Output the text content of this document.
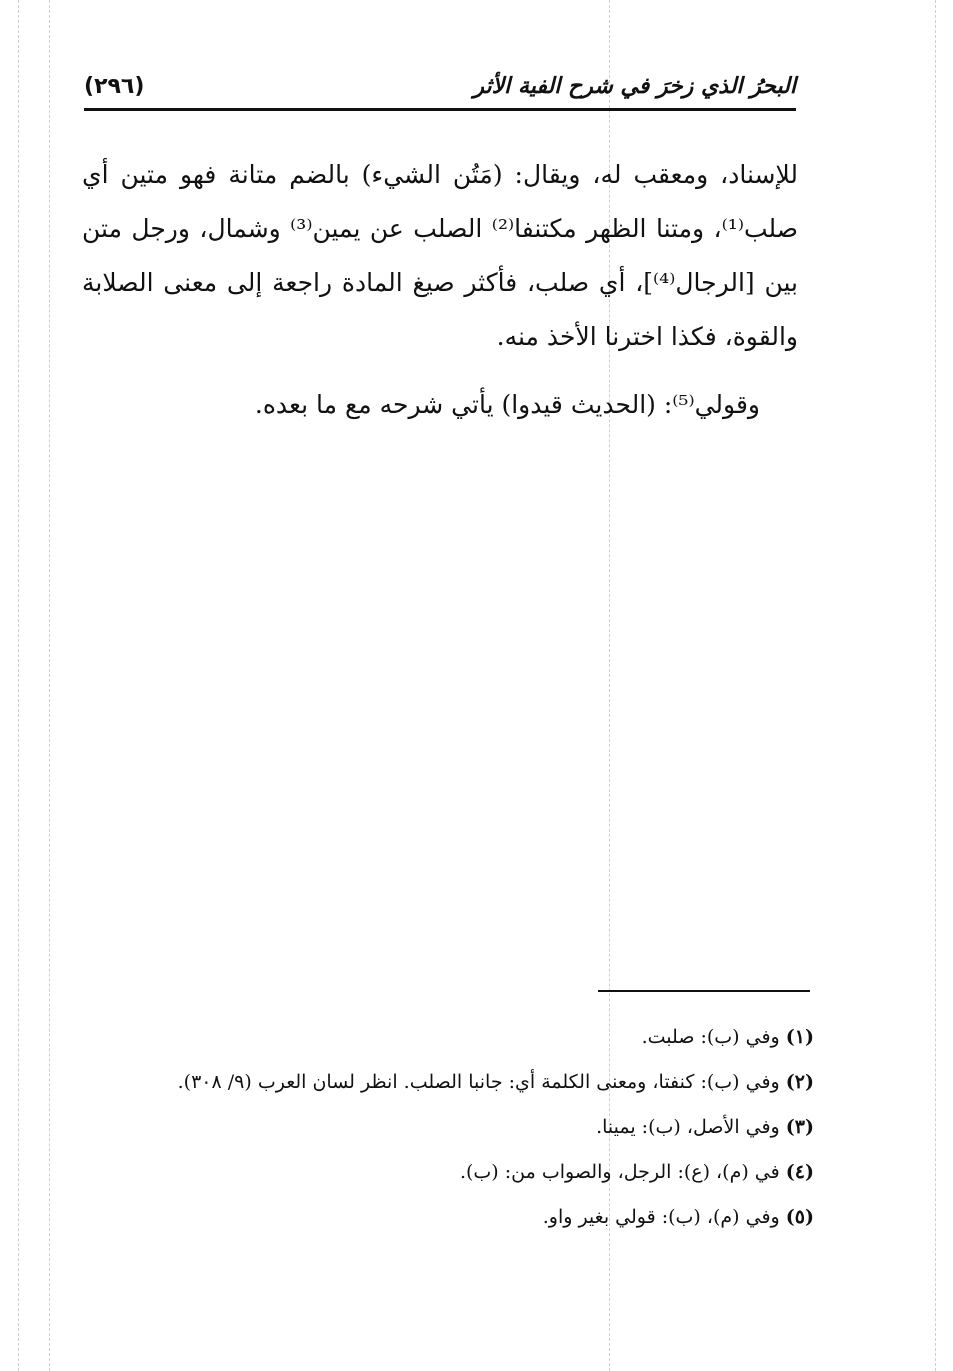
(٢٩٦)	البحرُ الذي زخرَ في شرح الفية الأثر

للإسناد، ومعقب له، ويقال: (مَتُن الشيء) بالضم متانة فهو متين أي صلب⁽¹⁾، ومتنا الظهر مكتنفا⁽²⁾ الصلب عن يمين⁽³⁾ وشمال، ورجل متن بين [الرجال⁽⁴⁾]، أي صلب، فأكثر صيغ المادة راجعة إلى معنى الصلابة والقوة، فكذا اخترنا الأخذ منه.

وقولي⁽⁵⁾: (الحديث قيدوا) يأتي شرحه مع ما بعده.

(١) وفي (ب): صلبت.
(٢) وفي (ب): كنفتا، ومعنى الكلمة أي: جانبا الصلب. انظر لسان العرب (٩/ ٣٠٨).
(٣) وفي الأصل، (ب): يمينا.
(٤) في (م)، (ع): الرجل، والصواب من: (ب).
(٥) وفي (م)، (ب): قولي بغير واو.
